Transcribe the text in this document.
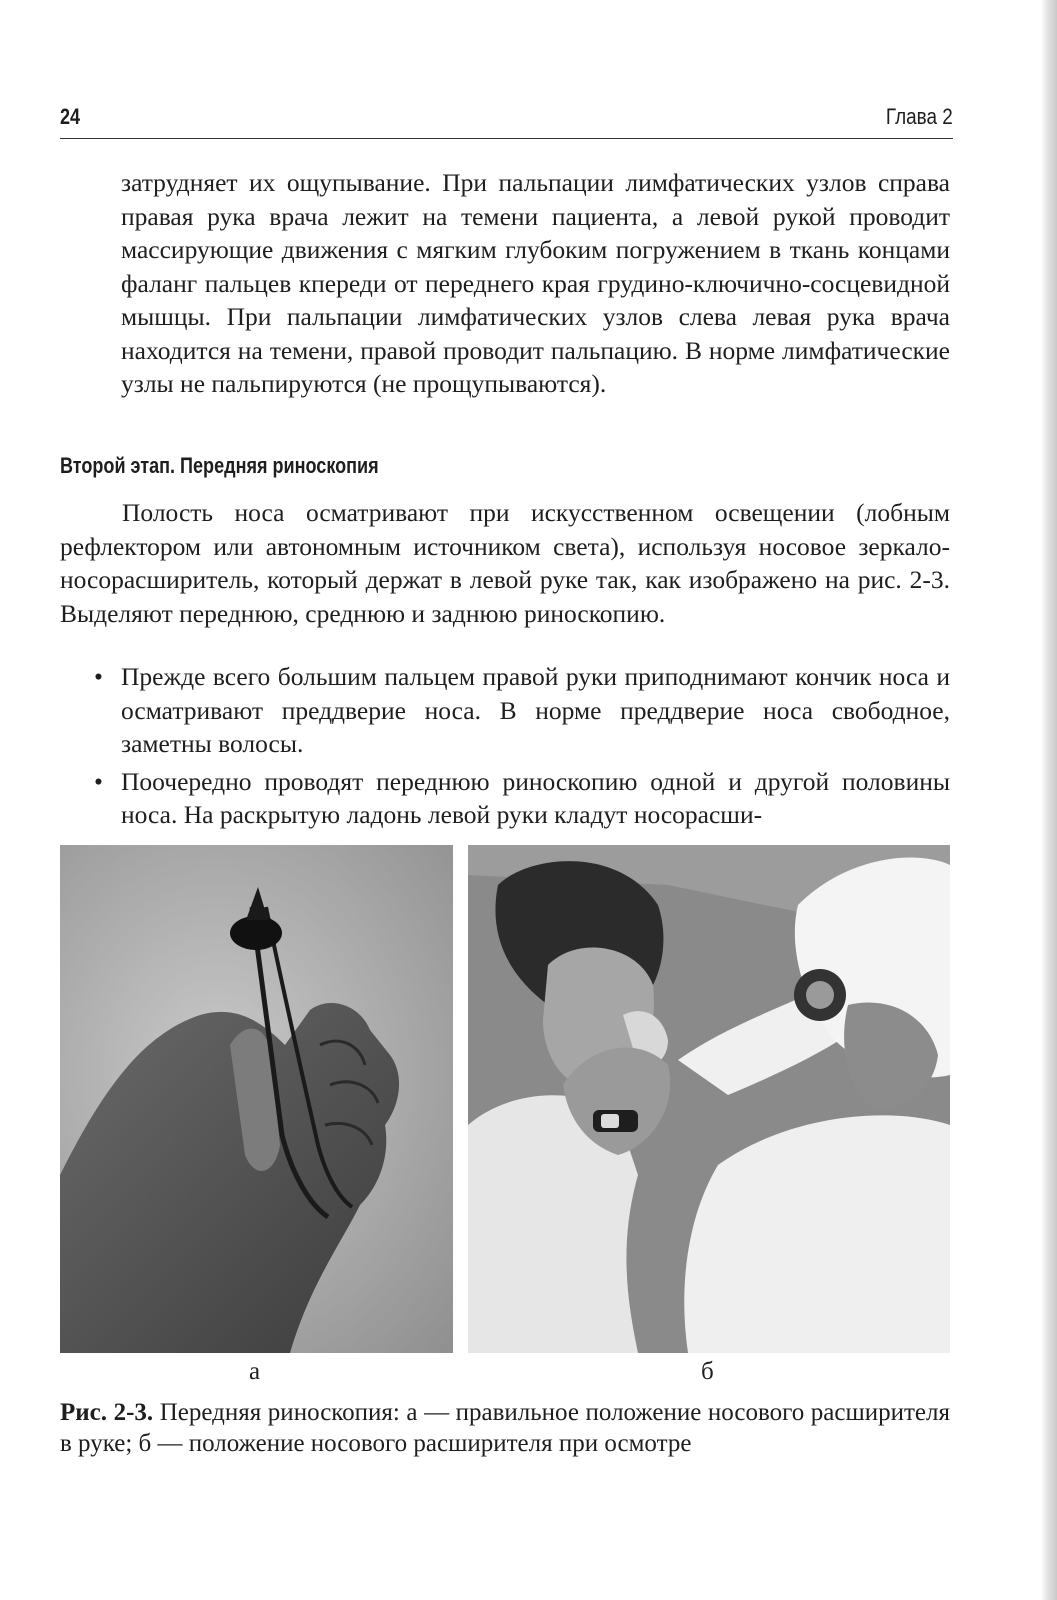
24	Глава 2
затрудняет их ощупывание. При пальпации лимфатических узлов справа правая рука врача лежит на темени пациента, а левой рукой проводит массирующие движения с мягким глубоким погружением в ткань концами фаланг пальцев кпереди от переднего края грудино-ключично-сосцевидной мышцы. При пальпации лимфатических узлов слева левая рука врача находится на темени, правой проводит пальпацию. В норме лимфатические узлы не пальпируются (не прощупываются).
Второй этап. Передняя риноскопия
Полость носа осматривают при искусственном освещении (лобным рефлектором или автономным источником света), используя носовое зеркало-носорасширитель, который держат в левой руке так, как изображено на рис. 2-3. Выделяют переднюю, среднюю и заднюю риноскопию.
• Прежде всего большим пальцем правой руки приподнимают кончик носа и осматривают преддверие носа. В норме преддверие носа свободное, заметны волосы.
• Поочередно проводят переднюю риноскопию одной и другой половины носа. На раскрытую ладонь левой руки кладут носорасши-
а	б
Рис. 2-3. Передняя риноскопия: а — правильное положение носового расширителя в руке; б — положение носового расширителя при осмотре
